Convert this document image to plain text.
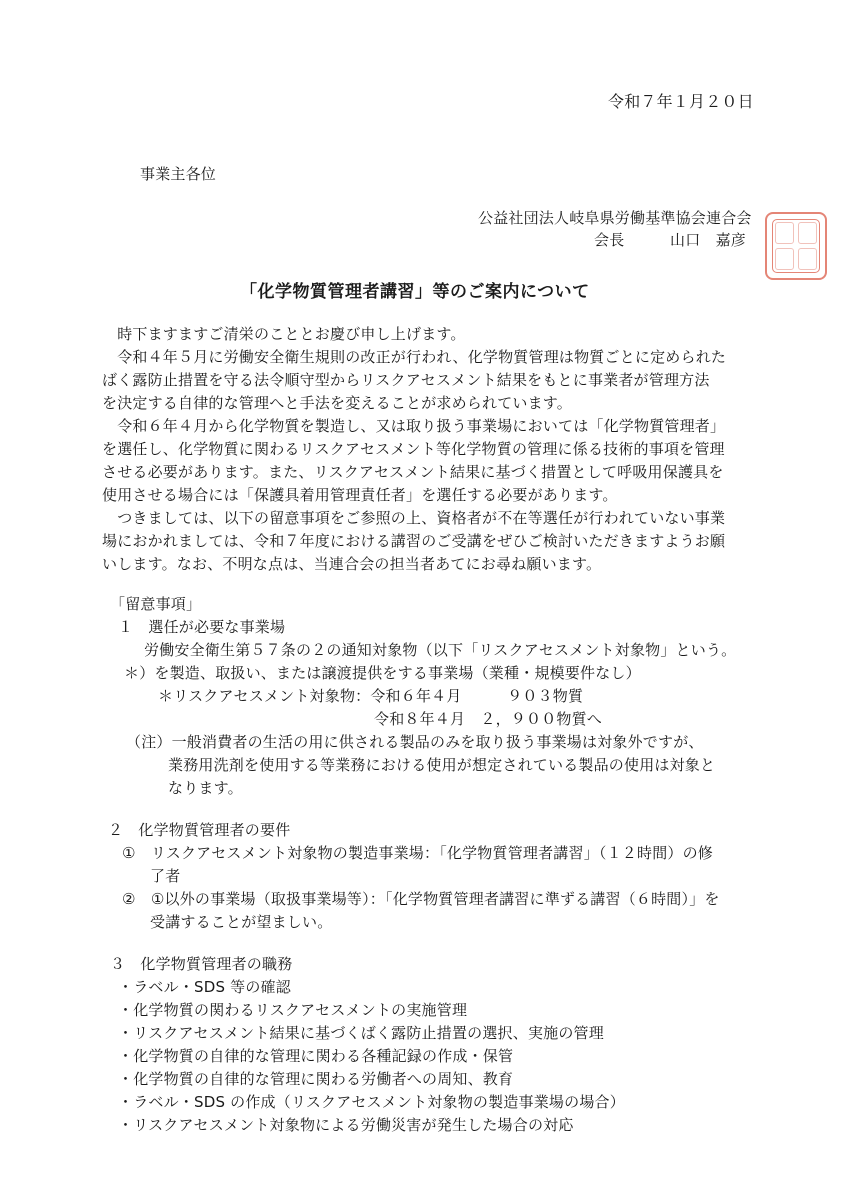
令和７年１月２０日
事業主各位
公益社団法人岐阜県労働基準協会連合会
会長　　　山口　嘉彦
「化学物質管理者講習」等のご案内について
　時下ますますご清栄のこととお慶び申し上げます。
　令和４年５月に労働安全衛生規則の改正が行われ、化学物質管理は物質ごとに定められた
ばく露防止措置を守る法令順守型からリスクアセスメント結果をもとに事業者が管理方法
を決定する自律的な管理へと手法を変えることが求められています。
　令和６年４月から化学物質を製造し、又は取り扱う事業場においては「化学物質管理者」
を選任し、化学物質に関わるリスクアセスメント等化学物質の管理に係る技術的事項を管理
させる必要があります。また、リスクアセスメント結果に基づく措置として呼吸用保護具を
使用させる場合には「保護具着用管理責任者」を選任する必要があります。
　つきましては、以下の留意事項をご参照の上、資格者が不在等選任が行われていない事業
場におかれましては、令和７年度における講習のご受講をぜひご検討いただきますようお願
いします。なお、不明な点は、当連合会の担当者あてにお尋ね願います。
「留意事項」
１　選任が必要な事業場
労働安全衛生第５７条の２の通知対象物（以下「リスクアセスメント対象物」という。
＊）を製造、取扱い、または譲渡提供をする事業場（業種・規模要件なし）
＊リスクアセスメント対象物：令和６年４月　　　９０３物質
令和８年４月　２，９００物質へ
（注）一般消費者の生活の用に供される製品のみを取り扱う事業場は対象外ですが、
業務用洗剤を使用する等業務における使用が想定されている製品の使用は対象と
なります。
２　化学物質管理者の要件
①　リスクアセスメント対象物の製造事業場：「化学物質管理者講習」（１２時間）の修
了者
②　①以外の事業場（取扱事業場等）：「化学物質管理者講習に準ずる講習（６時間）」を
受講することが望ましい。
３　化学物質管理者の職務
・ラベル・SDS 等の確認
・化学物質の関わるリスクアセスメントの実施管理
・リスクアセスメント結果に基づくばく露防止措置の選択、実施の管理
・化学物質の自律的な管理に関わる各種記録の作成・保管
・化学物質の自律的な管理に関わる労働者への周知、教育
・ラベル・SDS の作成（リスクアセスメント対象物の製造事業場の場合）
・リスクアセスメント対象物による労働災害が発生した場合の対応
